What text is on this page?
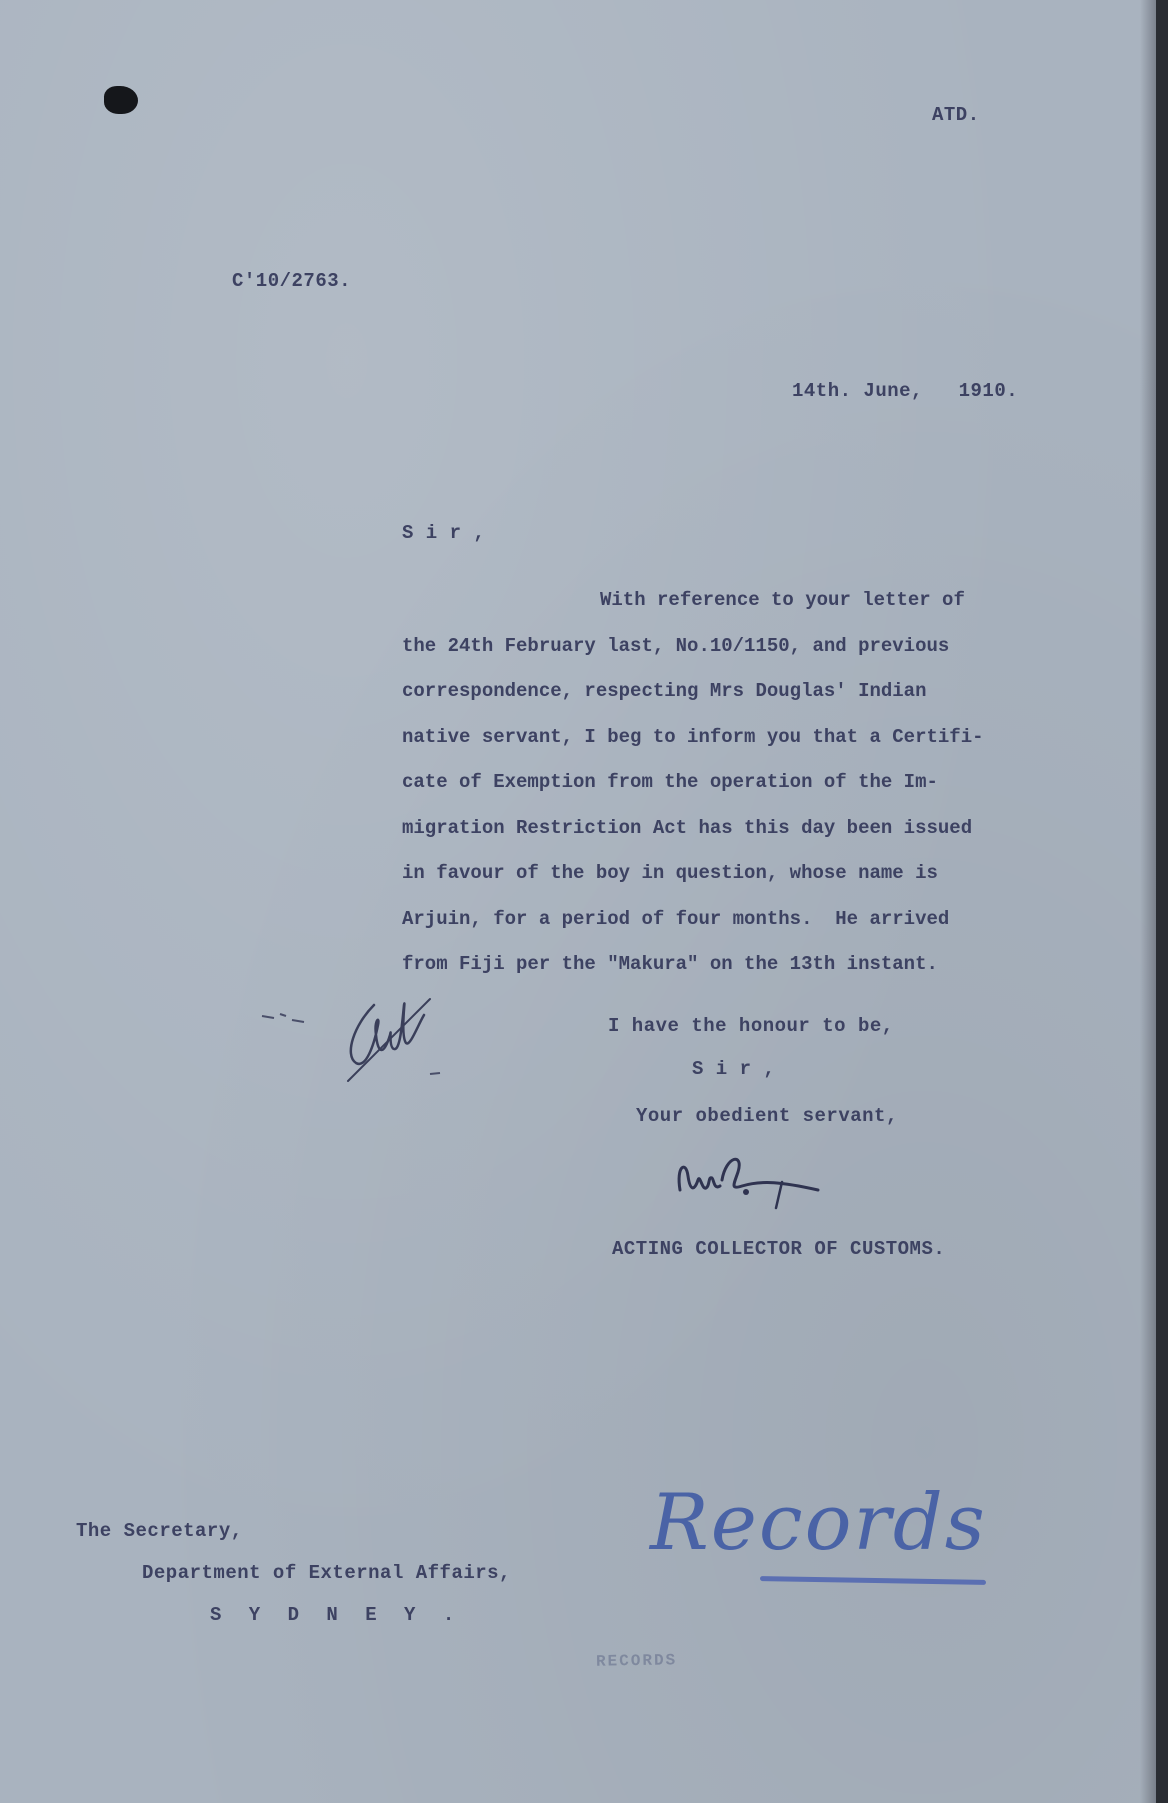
ATD.
C'10/2763.
14th. June,   1910.
S i r ,
With reference to your letter of
the 24th February last, No.10/1150, and previous
correspondence, respecting Mrs Douglas' Indian
native servant, I beg to inform you that a Certifi-
cate of Exemption from the operation of the Im-
migration Restriction Act has this day been issued
in favour of the boy in question, whose name is
Arjuin, for a period of four months.  He arrived
from Fiji per the "Makura" on the 13th instant.
I have the honour to be,
S i r ,
Your obedient servant,
ACTING COLLECTOR OF CUSTOMS.
The Secretary,
Department of External Affairs,
S Y D N E Y .
Records
RECORDS
